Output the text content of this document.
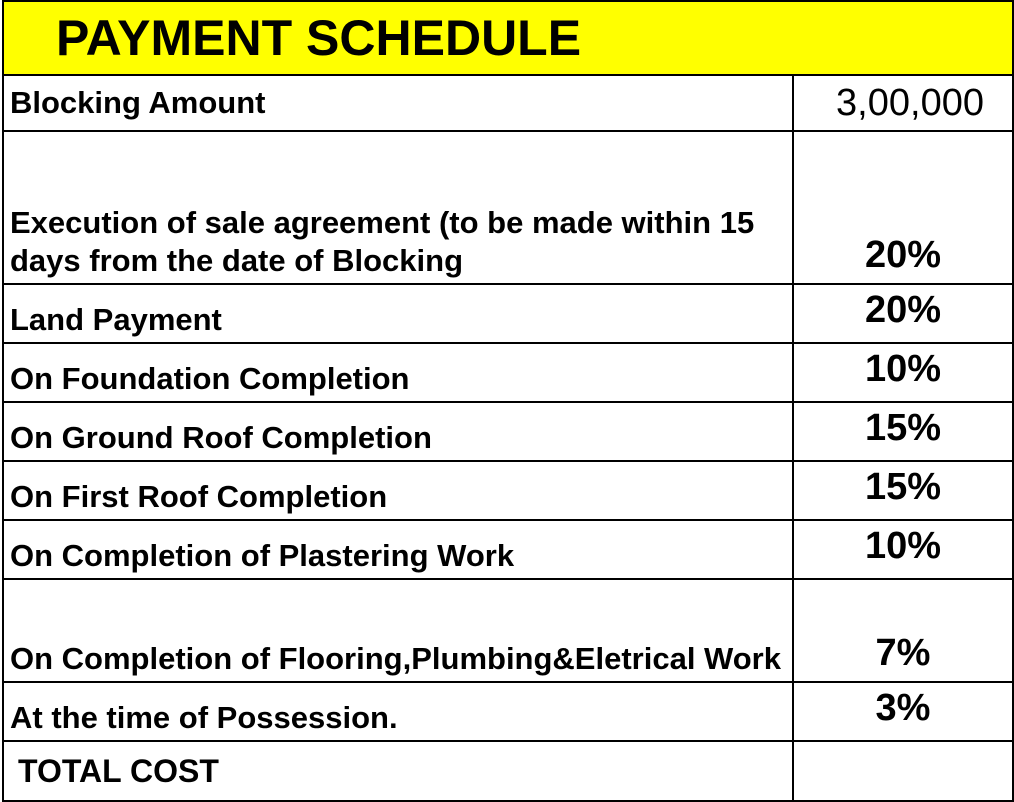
PAYMENT SCHEDULE	

Blocking Amount	3,00,000
Execution of sale agreement (to be made within 15 days from the date of Blocking	20%
Land Payment	20%
On Foundation Completion	10%
On Ground Roof Completion	15%
On First Roof Completion	15%
On Completion of Plastering Work	10%
On Completion of Flooring,Plumbing&Eletrical Work	7%
At the time of Possession.	3%
TOTAL COST	
